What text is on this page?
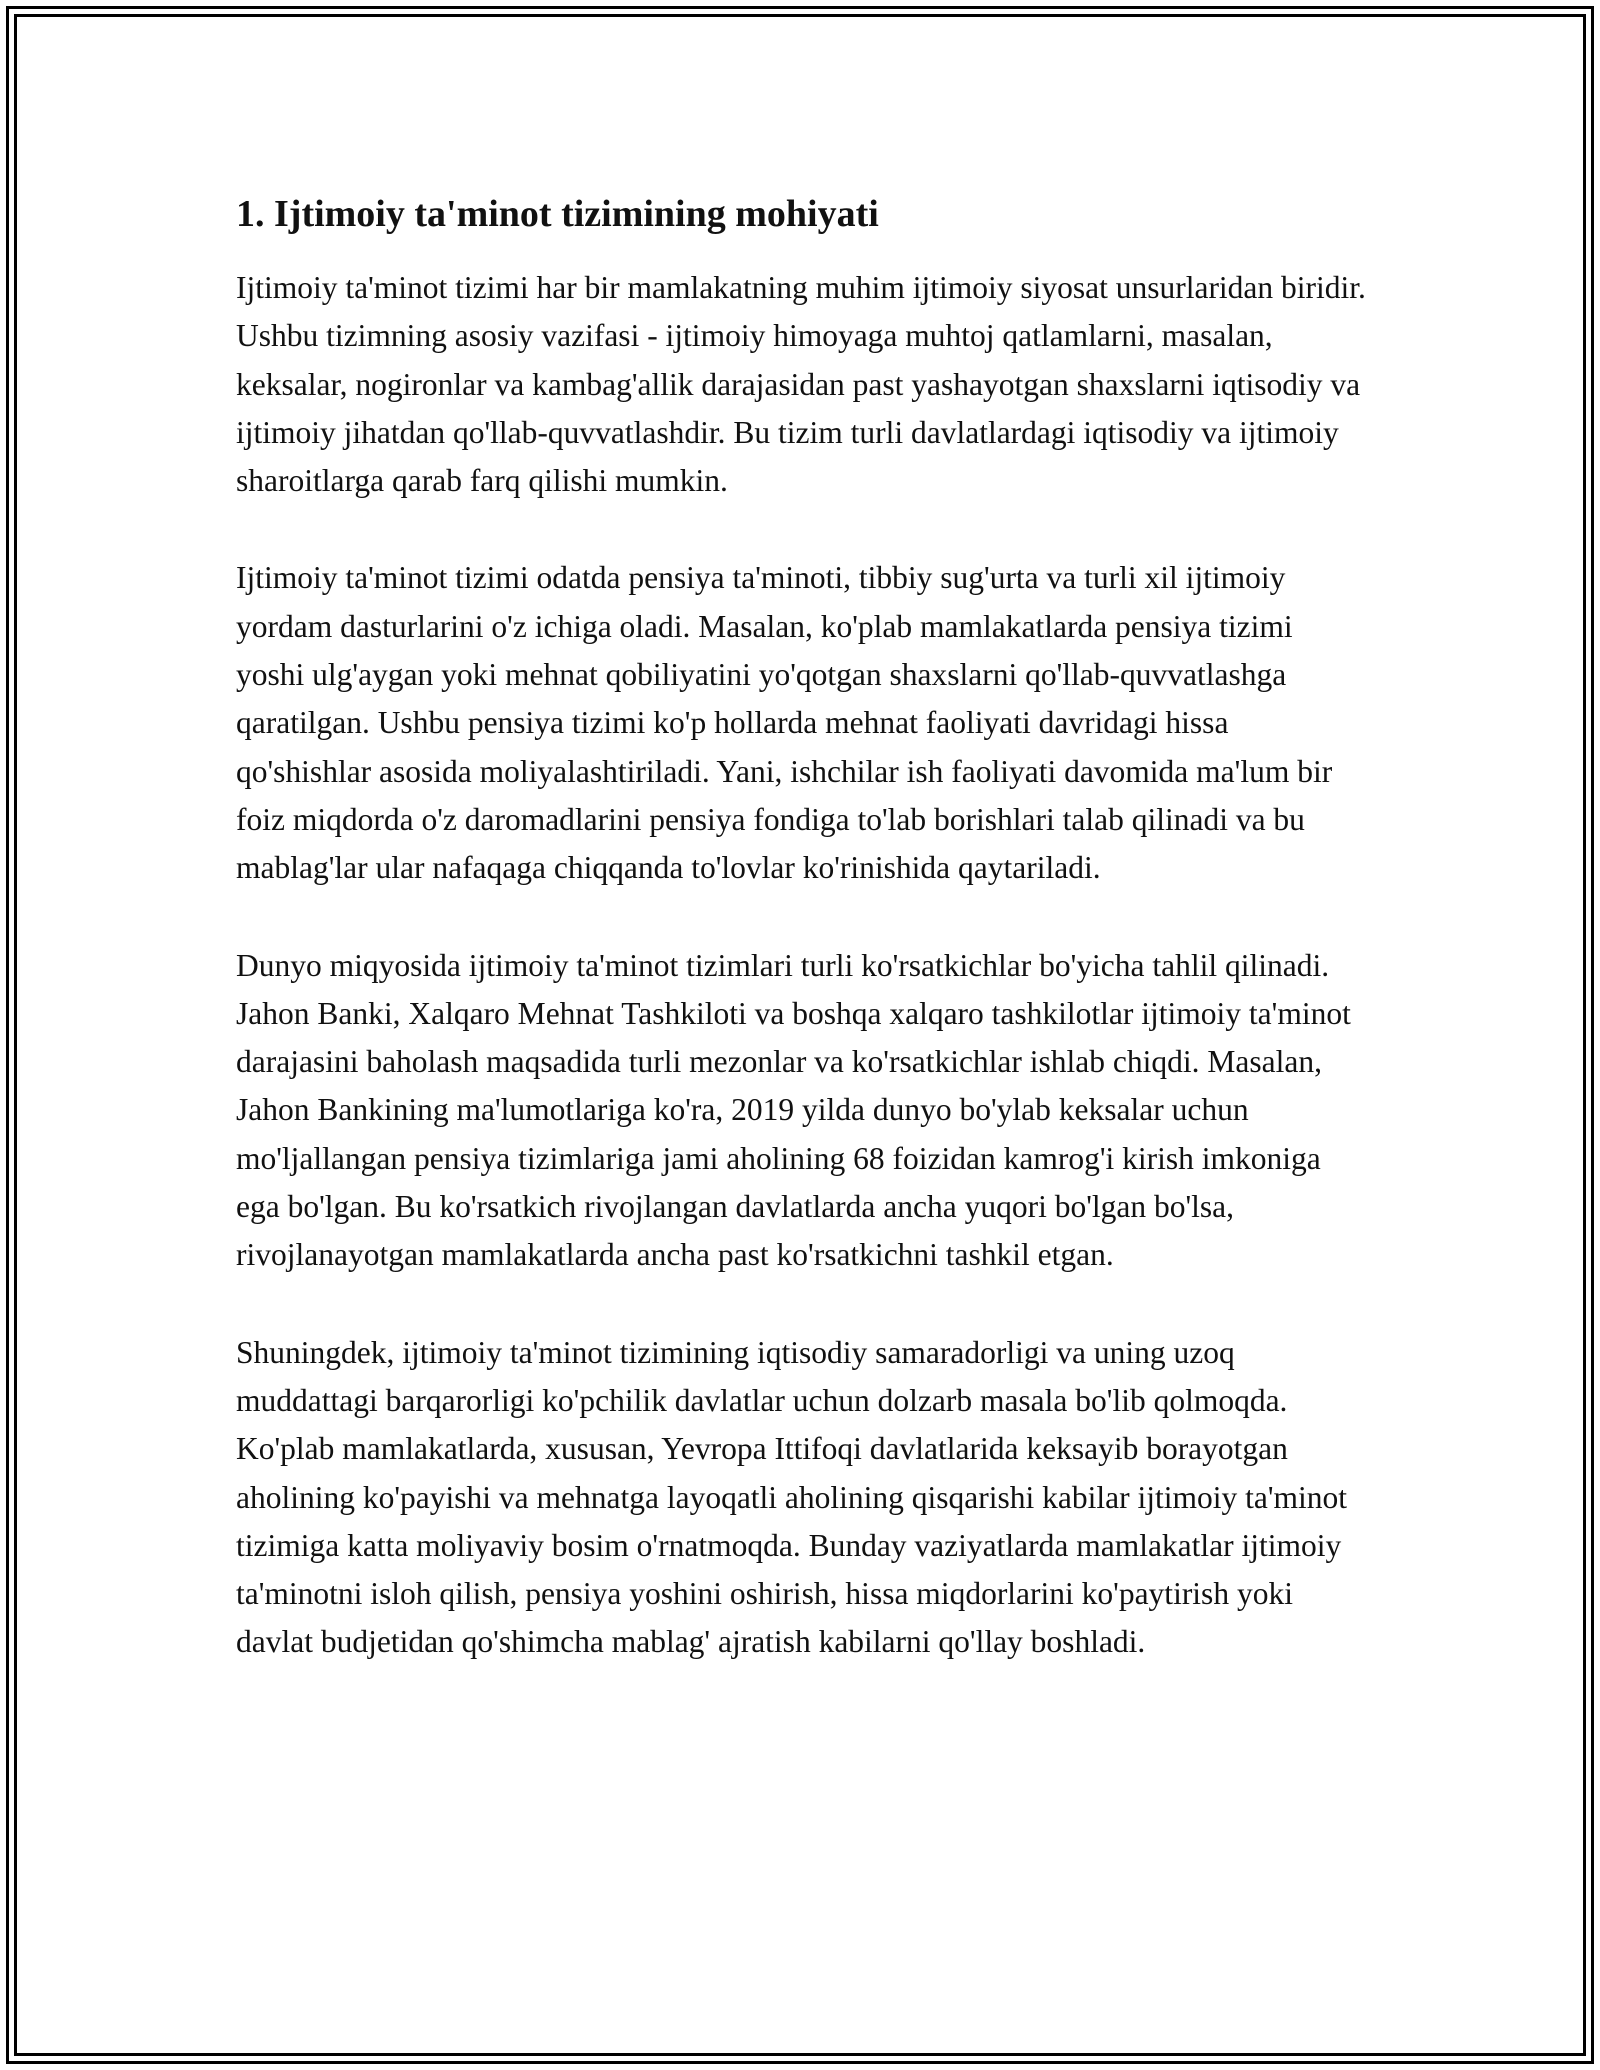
1. Ijtimoiy ta'minot tizimining mohiyati

Ijtimoiy ta'minot tizimi har bir mamlakatning muhim ijtimoiy siyosat unsurlaridan biridir. Ushbu tizimning asosiy vazifasi - ijtimoiy himoyaga muhtoj qatlamlarni, masalan, keksalar, nogironlar va kambag'allik darajasidan past yashayotgan shaxslarni iqtisodiy va ijtimoiy jihatdan qo'llab-quvvatlashdir. Bu tizim turli davlatlardagi iqtisodiy va ijtimoiy sharoitlarga qarab farq qilishi mumkin.

Ijtimoiy ta'minot tizimi odatda pensiya ta'minoti, tibbiy sug'urta va turli xil ijtimoiy yordam dasturlarini o'z ichiga oladi. Masalan, ko'plab mamlakatlarda pensiya tizimi yoshi ulg'aygan yoki mehnat qobiliyatini yo'qotgan shaxslarni qo'llab-quvvatlashga qaratilgan. Ushbu pensiya tizimi ko'p hollarda mehnat faoliyati davridagi hissa qo'shishlar asosida moliyalashtiriladi. Yani, ishchilar ish faoliyati davomida ma'lum bir foiz miqdorda o'z daromadlarini pensiya fondiga to'lab borishlari talab qilinadi va bu mablag'lar ular nafaqaga chiqqanda to'lovlar ko'rinishida qaytariladi.

Dunyo miqyosida ijtimoiy ta'minot tizimlari turli ko'rsatkichlar bo'yicha tahlil qilinadi. Jahon Banki, Xalqaro Mehnat Tashkiloti va boshqa xalqaro tashkilotlar ijtimoiy ta'minot darajasini baholash maqsadida turli mezonlar va ko'rsatkichlar ishlab chiqdi. Masalan, Jahon Bankining ma'lumotlariga ko'ra, 2019 yilda dunyo bo'ylab keksalar uchun mo'ljallangan pensiya tizimlariga jami aholining 68 foizidan kamrog'i kirish imkoniga ega bo'lgan. Bu ko'rsatkich rivojlangan davlatlarda ancha yuqori bo'lgan bo'lsa, rivojlanayotgan mamlakatlarda ancha past ko'rsatkichni tashkil etgan.

Shuningdek, ijtimoiy ta'minot tizimining iqtisodiy samaradorligi va uning uzoq muddattagi barqarorligi ko'pchilik davlatlar uchun dolzarb masala bo'lib qolmoqda. Ko'plab mamlakatlarda, xususan, Yevropa Ittifoqi davlatlarida keksayib borayotgan aholining ko'payishi va mehnatga layoqatli aholining qisqarishi kabilar ijtimoiy ta'minot tizimiga katta moliyaviy bosim o'rnatmoqda. Bunday vaziyatlarda mamlakatlar ijtimoiy ta'minotni isloh qilish, pensiya yoshini oshirish, hissa miqdorlarini ko'paytirish yoki davlat budjetidan qo'shimcha mablag' ajratish kabilarni qo'llay boshladi.
